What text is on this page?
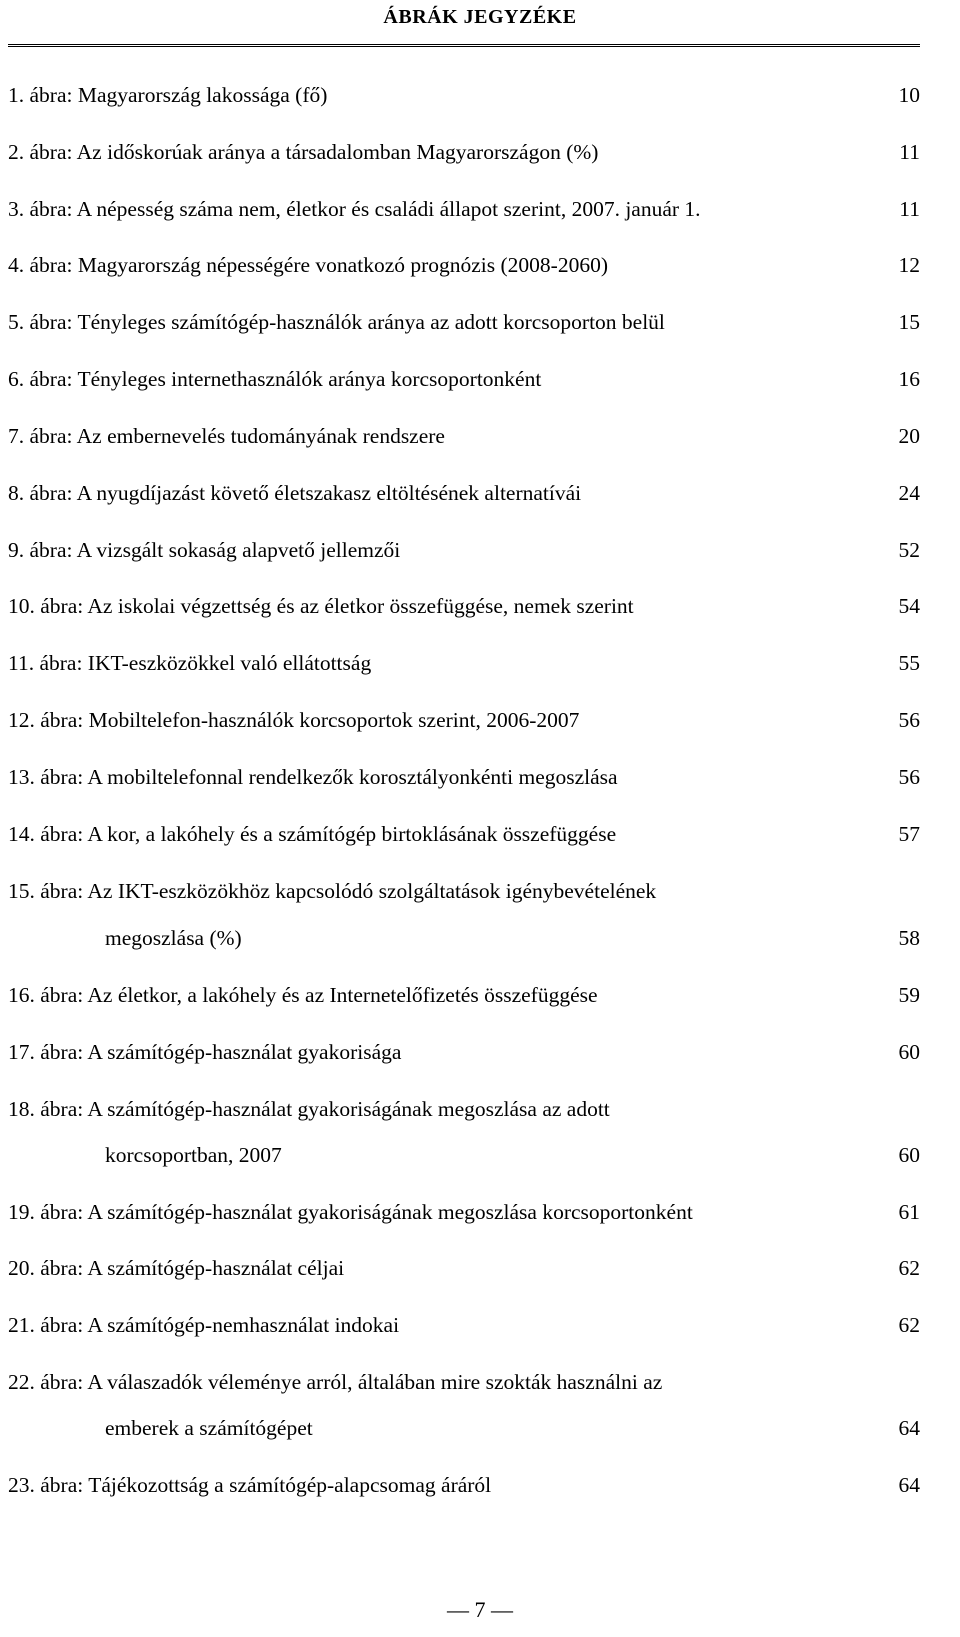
ÁBRÁK JEGYZÉKE
1. ábra: Magyarország lakossága (fő)	10
2. ábra: Az időskorúak aránya a társadalomban Magyarországon (%)	11
3. ábra: A népesség száma nem, életkor és családi állapot szerint, 2007. január 1.	11
4. ábra: Magyarország népességére vonatkozó prognózis (2008-2060)	12
5. ábra: Tényleges számítógép-használók aránya az adott korcsoporton belül	15
6. ábra: Tényleges internethasználók aránya korcsoportonként	16
7. ábra: Az embernevelés tudományának rendszere	20
8. ábra: A nyugdíjazást követő életszakasz eltöltésének alternatívái	24
9. ábra: A vizsgált sokaság alapvető jellemzői	52
10. ábra: Az iskolai végzettség és az életkor összefüggése, nemek szerint	54
11. ábra: IKT-eszközökkel való ellátottság	55
12. ábra: Mobiltelefon-használók korcsoportok szerint, 2006-2007	56
13. ábra: A mobiltelefonnal rendelkezők korosztályonkénti megoszlása	56
14. ábra: A kor, a lakóhely és a számítógép birtoklásának összefüggése	57
15. ábra: Az IKT-eszközökhöz kapcsolódó szolgáltatások igénybevételének
megoszlása (%)	58
16. ábra: Az életkor, a lakóhely és az Internetelőfizetés összefüggése	59
17. ábra: A számítógép-használat gyakorisága	60
18. ábra: A számítógép-használat gyakoriságának megoszlása az adott
korcsoportban, 2007	60
19. ábra: A számítógép-használat gyakoriságának megoszlása korcsoportonként	61
20. ábra: A számítógép-használat céljai	62
21. ábra: A számítógép-nemhasználat indokai	62
22. ábra: A válaszadók véleménye arról, általában mire szokták használni az
emberek a számítógépet	64
23. ábra: Tájékozottság a számítógép-alapcsomag áráról	64
— 7 —
